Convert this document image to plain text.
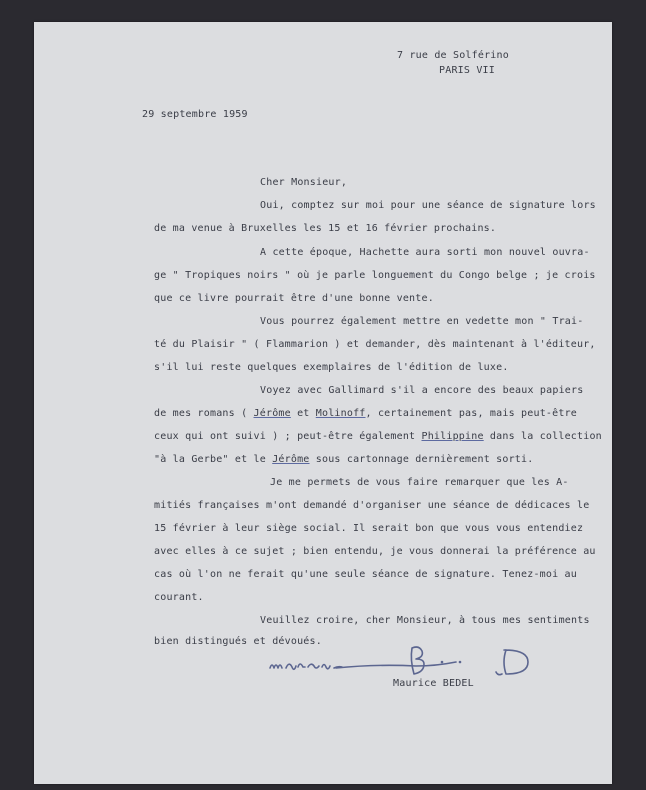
7 rue de Solférino
PARIS VII
29 septembre 1959
Cher Monsieur,
Oui, comptez sur moi pour une séance de signature lors
de ma venue à Bruxelles les 15 et 16 février prochains.
A cette époque, Hachette aura sorti mon nouvel ouvra-
ge " Tropiques noirs " où je parle longuement du Congo belge ; je crois
que ce livre pourrait être d'une bonne vente.
Vous pourrez également mettre en vedette mon " Trai-
té du Plaisir " ( Flammarion ) et demander, dès maintenant à l'éditeur,
s'il lui reste quelques exemplaires de l'édition de luxe.
Voyez avec Gallimard s'il a encore des beaux papiers
de mes romans ( Jérôme et Molinoff, certainement pas, mais peut-être
ceux qui ont suivi ) ; peut-être également Philippine dans la collection
"à la Gerbe" et le Jérôme sous cartonnage dernièrement sorti.
Je me permets de vous faire remarquer que les A-
mitiés françaises m'ont demandé d'organiser une séance de dédicaces le
15 février à leur siège social. Il serait bon que vous vous entendiez
avec elles à ce sujet ; bien entendu, je vous donnerai la préférence au
cas où l'on ne ferait qu'une seule séance de signature. Tenez-moi au
courant.
Veuillez croire, cher Monsieur, à tous mes sentiments
bien distingués et dévoués.
Maurice BEDEL
